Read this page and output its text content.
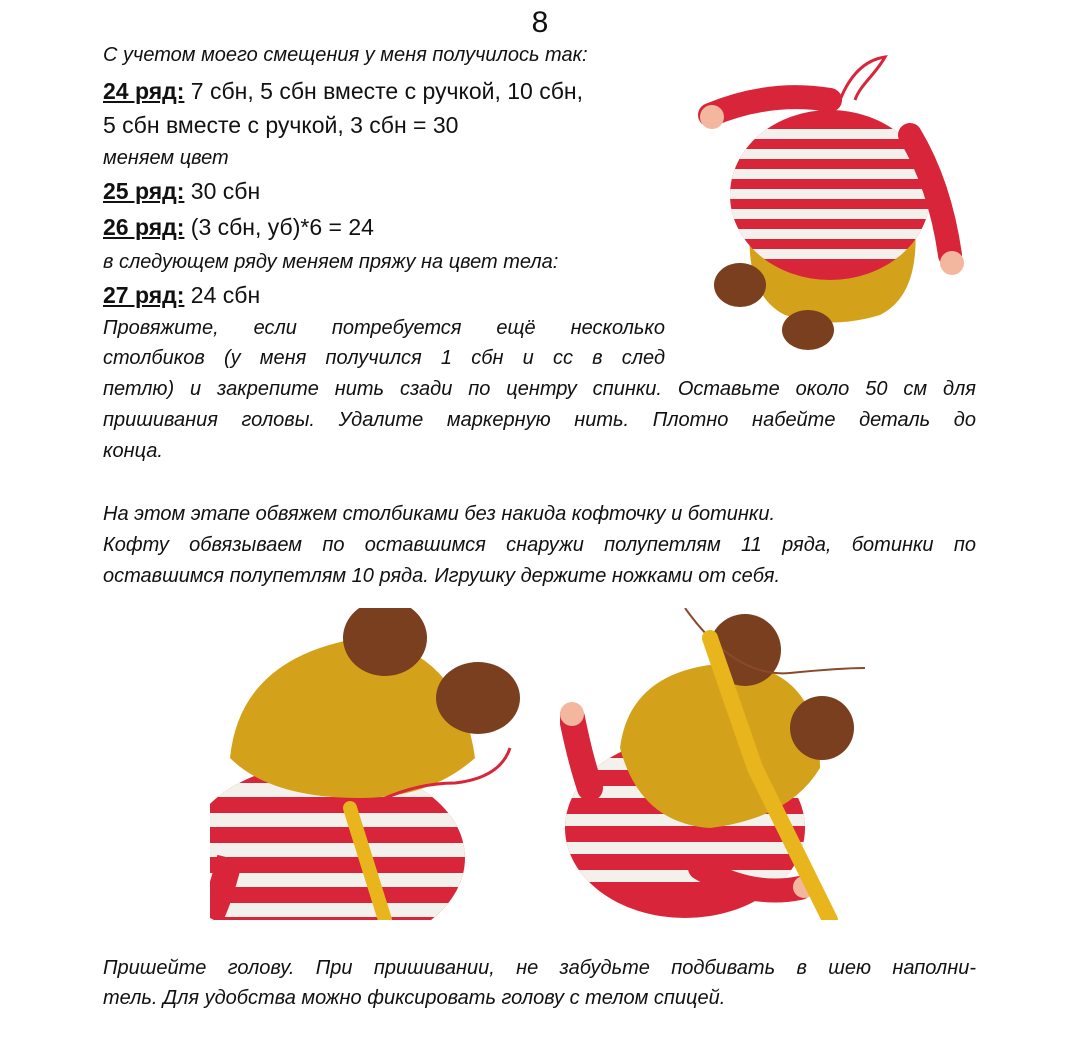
8
С учетом моего смещения у меня получилось так:
24 ряд: 7 сбн, 5 сбн вместе с ручкой, 10 сбн,
5 сбн вместе с ручкой, 3 сбн = 30
меняем цвет
25 ряд: 30 сбн
26 ряд: (3 сбн, уб)*6 = 24
в следующем ряду меняем пряжу на цвет тела:
27 ряд: 24 сбн
Провяжите, если потребуется ещё несколько
столбиков (у меня получился 1 сбн и сс в след
петлю) и закрепите нить сзади по центру спинки. Оставьте около 50 см для
пришивания головы. Удалите маркерную нить. Плотно набейте деталь до
конца.
На этом этапе обвяжем столбиками без накида кофточку и ботинки.
Кофту обвязываем по оставшимся снаружи полупетлям 11 ряда, ботинки по
оставшимся полупетлям 10 ряда. Игрушку держите ножками от себя.
Пришейте голову. При пришивании, не забудьте подбивать в шею наполни-
тель. Для удобства можно фиксировать голову с телом спицей.
